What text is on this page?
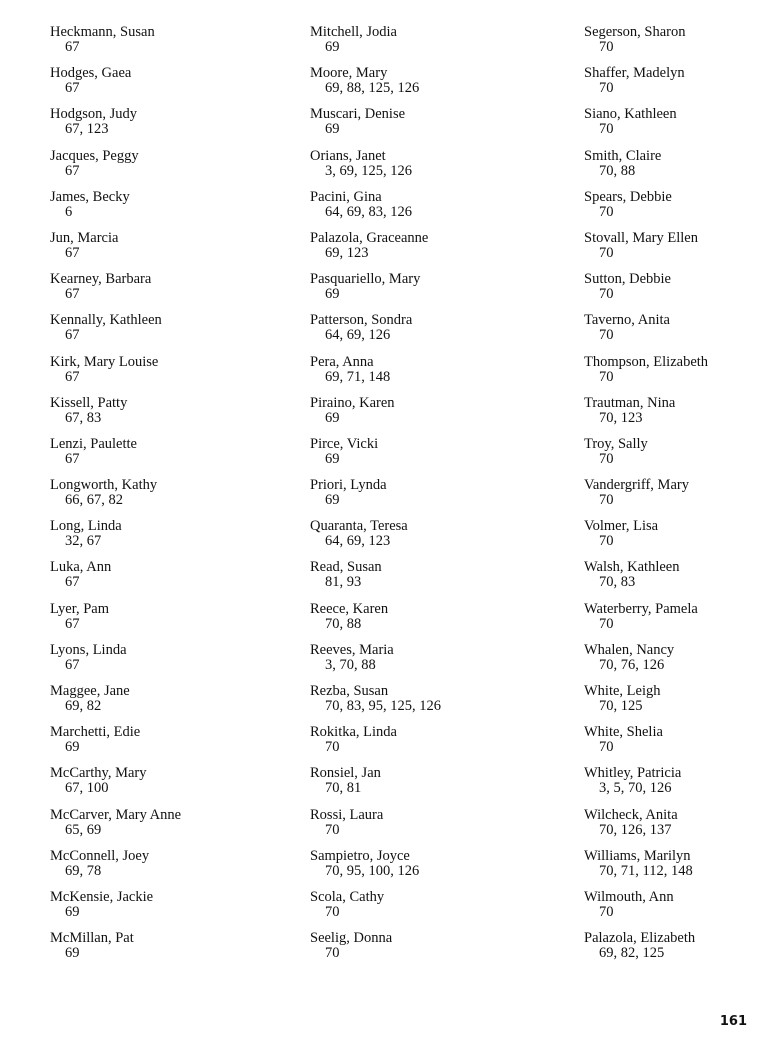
Heckmann, Susan
67
Hodges, Gaea
67
Hodgson, Judy
67, 123
Jacques, Peggy
67
James, Becky
6
Jun, Marcia
67
Kearney, Barbara
67
Kennally, Kathleen
67
Kirk, Mary Louise
67
Kissell, Patty
67, 83
Lenzi, Paulette
67
Longworth, Kathy
66, 67, 82
Long, Linda
32, 67
Luka, Ann
67
Lyer, Pam
67
Lyons, Linda
67
Maggee, Jane
69, 82
Marchetti, Edie
69
McCarthy, Mary
67, 100
McCarver, Mary Anne
65, 69
McConnell, Joey
69, 78
McKensie, Jackie
69
McMillan, Pat
69
Mitchell, Jodia
69
Moore, Mary
69, 88, 125, 126
Muscari, Denise
69
Orians, Janet
3, 69, 125, 126
Pacini, Gina
64, 69, 83, 126
Palazola, Graceanne
69, 123
Pasquariello, Mary
69
Patterson, Sondra
64, 69, 126
Pera, Anna
69, 71, 148
Piraino, Karen
69
Pirce, Vicki
69
Priori, Lynda
69
Quaranta, Teresa
64, 69, 123
Read, Susan
81, 93
Reece, Karen
70, 88
Reeves, Maria
3, 70, 88
Rezba, Susan
70, 83, 95, 125, 126
Rokitka, Linda
70
Ronsiel, Jan
70, 81
Rossi, Laura
70
Sampietro, Joyce
70, 95, 100, 126
Scola, Cathy
70
Seelig, Donna
70
Segerson, Sharon
70
Shaffer, Madelyn
70
Siano, Kathleen
70
Smith, Claire
70, 88
Spears, Debbie
70
Stovall, Mary Ellen
70
Sutton, Debbie
70
Taverno, Anita
70
Thompson, Elizabeth
70
Trautman, Nina
70, 123
Troy, Sally
70
Vandergriff, Mary
70
Volmer, Lisa
70
Walsh, Kathleen
70, 83
Waterberry, Pamela
70
Whalen, Nancy
70, 76, 126
White, Leigh
70, 125
White, Shelia
70
Whitley, Patricia
3, 5, 70, 126
Wilcheck, Anita
70, 126, 137
Williams, Marilyn
70, 71, 112, 148
Wilmouth, Ann
70
Palazola, Elizabeth
69, 82, 125
161
